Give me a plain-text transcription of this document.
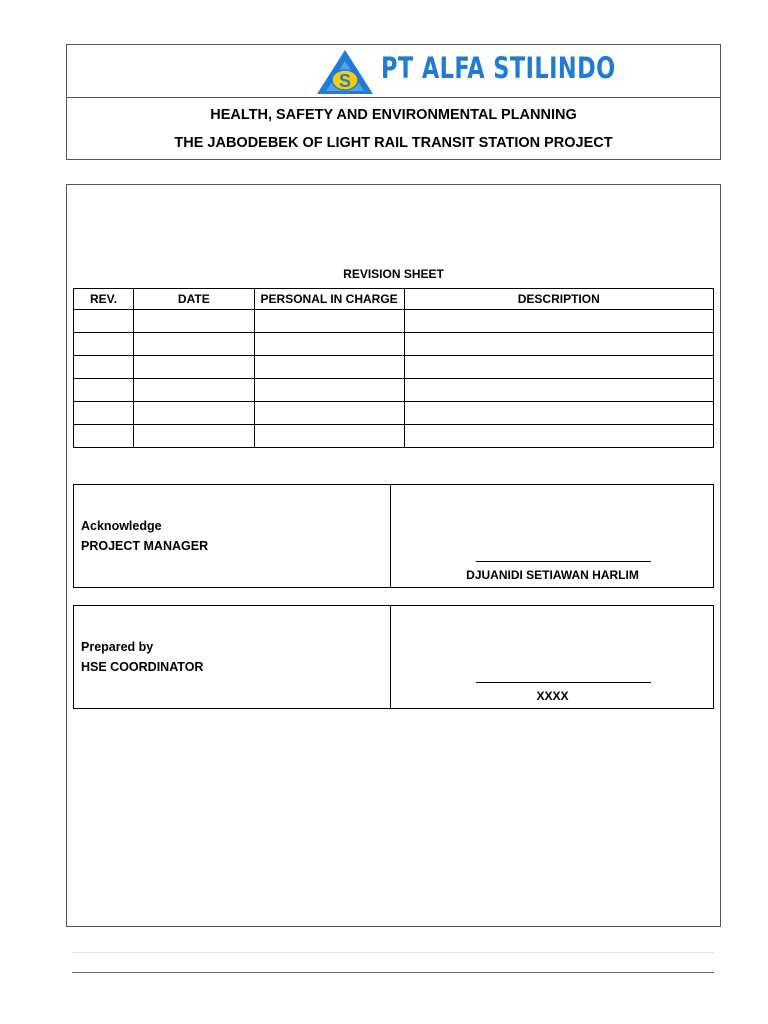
S PT ALFA STILINDO
HEALTH, SAFETY AND ENVIRONMENTAL PLANNING
THE JABODEBEK OF LIGHT RAIL TRANSIT STATION PROJECT
REVISION SHEET
REV.	DATE	PERSONAL IN CHARGE	DESCRIPTION

Acknowledge
PROJECT MANAGER
DJUANIDI SETIAWAN HARLIM
Prepared by
HSE COORDINATOR
XXXX
